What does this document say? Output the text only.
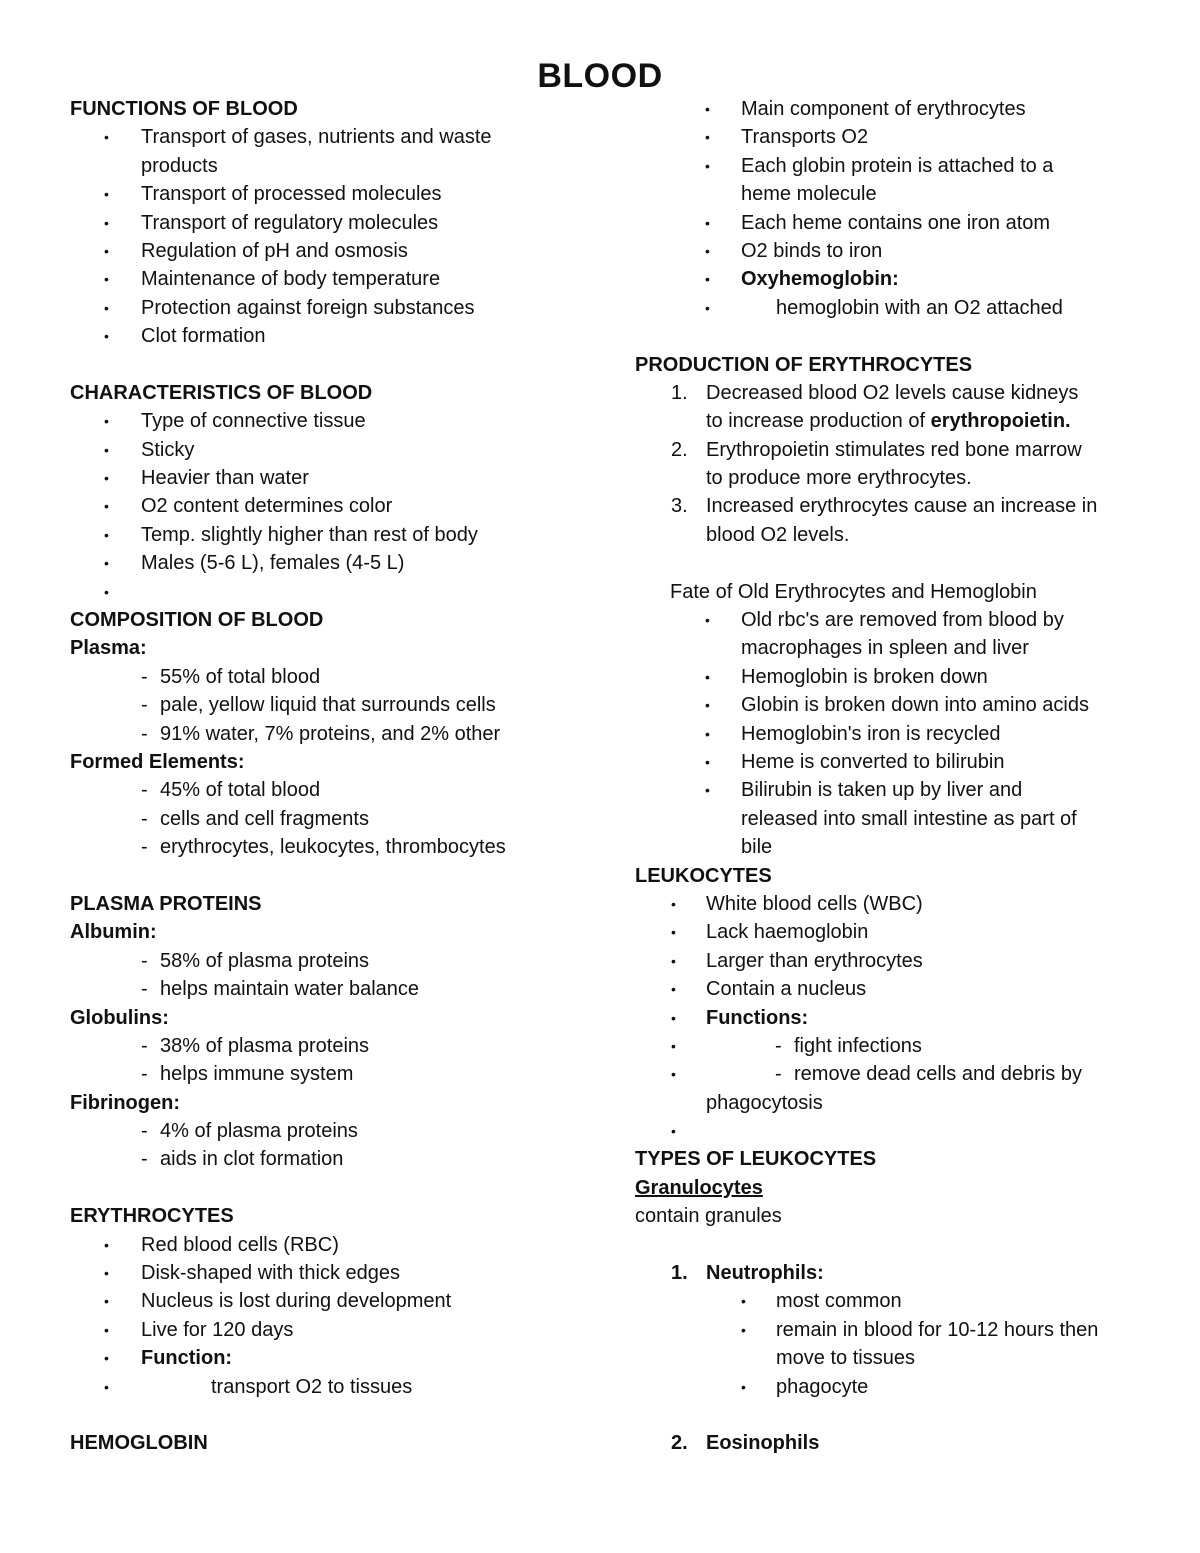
BLOOD
FUNCTIONS OF BLOOD
• Transport of gases, nutrients and waste
products
• Transport of processed molecules
• Transport of regulatory molecules
• Regulation of pH and osmosis
• Maintenance of body temperature
• Protection against foreign substances
• Clot formation
CHARACTERISTICS OF BLOOD
• Type of connective tissue
• Sticky
• Heavier than water
• O2 content determines color
• Temp. slightly higher than rest of body
• Males (5-6 L), females (4-5 L)
•
COMPOSITION OF BLOOD
Plasma:
- 55% of total blood
- pale, yellow liquid that surrounds cells
- 91% water, 7% proteins, and 2% other
Formed Elements:
- 45% of total blood
- cells and cell fragments
- erythrocytes, leukocytes, thrombocytes
PLASMA PROTEINS
Albumin:
- 58% of plasma proteins
- helps maintain water balance
Globulins:
- 38% of plasma proteins
- helps immune system
Fibrinogen:
- 4% of plasma proteins
- aids in clot formation
ERYTHROCYTES
• Red blood cells (RBC)
• Disk-shaped with thick edges
• Nucleus is lost during development
• Live for 120 days
• Function:
•	transport O2 to tissues
HEMOGLOBIN
• Main component of erythrocytes
• Transports O2
• Each globin protein is attached to a
heme molecule
• Each heme contains one iron atom
• O2 binds to iron
• Oxyhemoglobin:
•	hemoglobin with an O2 attached
PRODUCTION OF ERYTHROCYTES
1. Decreased blood O2 levels cause kidneys
to increase production of erythropoietin.
2. Erythropoietin stimulates red bone marrow
to produce more erythrocytes.
3. Increased erythrocytes cause an increase in
blood O2 levels.
Fate of Old Erythrocytes and Hemoglobin
• Old rbc's are removed from blood by
macrophages in spleen and liver
• Hemoglobin is broken down
• Globin is broken down into amino acids
• Hemoglobin's iron is recycled
• Heme is converted to bilirubin
• Bilirubin is taken up by liver and
released into small intestine as part of
bile
LEUKOCYTES
• White blood cells (WBC)
• Lack haemoglobin
• Larger than erythrocytes
• Contain a nucleus
• Functions:
•	- fight infections
•	- remove dead cells and debris by
phagocytosis
•
TYPES OF LEUKOCYTES
Granulocytes
contain granules
1. Neutrophils:
• most common
• remain in blood for 10-12 hours then
move to tissues
• phagocyte
2. Eosinophils
